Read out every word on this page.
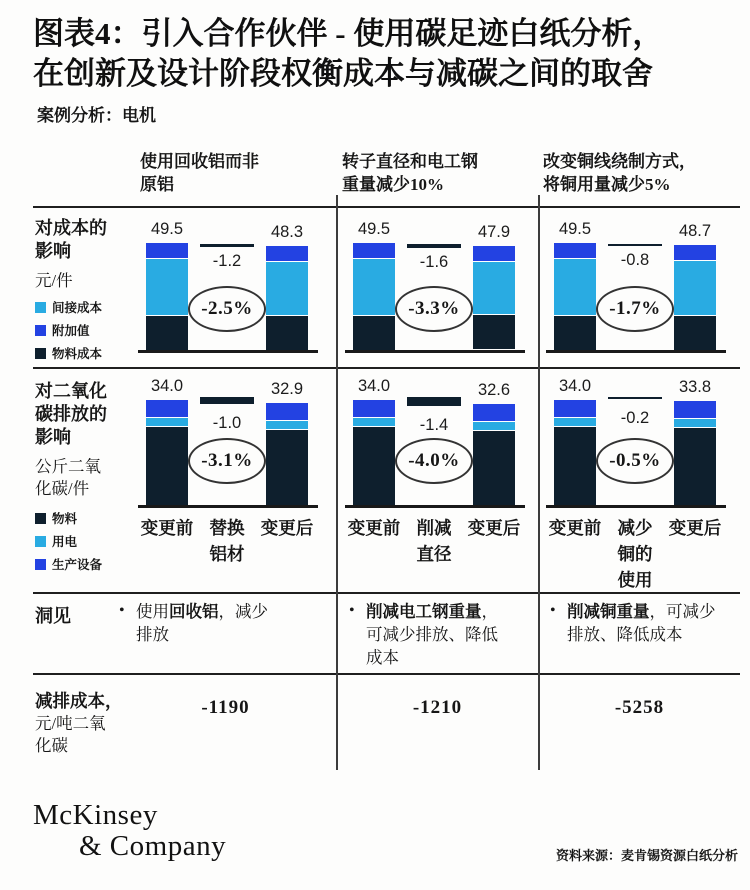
图表4：引入合作伙伴 - 使用碳足迹白纸分析，
在创新及设计阶段权衡成本与减碳之间的取舍
案例分析：电机
使用回收铝而非
原铝
转子直径和电工钢
重量减少10%
改变铜线绕制方式，
将铜用量减少5%
对成本的
影响
元/件
间接成本
附加值
物料成本
对二氧化
碳排放的
影响
公斤二氧
化碳/件
物料
用电
生产设备
49.5	48.3
-1.2
-2.5%
49.5	47.9
-1.6
-3.3%
49.5	48.7
-0.8
-1.7%
34.0	32.9
-1.0
-3.1%
变更前 替换
铝材
变更后
34.0	32.6
-1.4
-4.0%
变更前 削减
直径
变更后
34.0	33.8
-0.2
-0.5%
变更前 减少
铜的
使用
变更后
洞见	• 使用回收铝，减少排放
• 削减电工钢重量，可减少排放、降低成本
• 削减铜重量，可减少排放、降低成本
减排成本，
元/吨二氧
化碳
-1190	-1210	-5258
McKinsey
& Company	资料来源：麦肯锡资源白纸分析
